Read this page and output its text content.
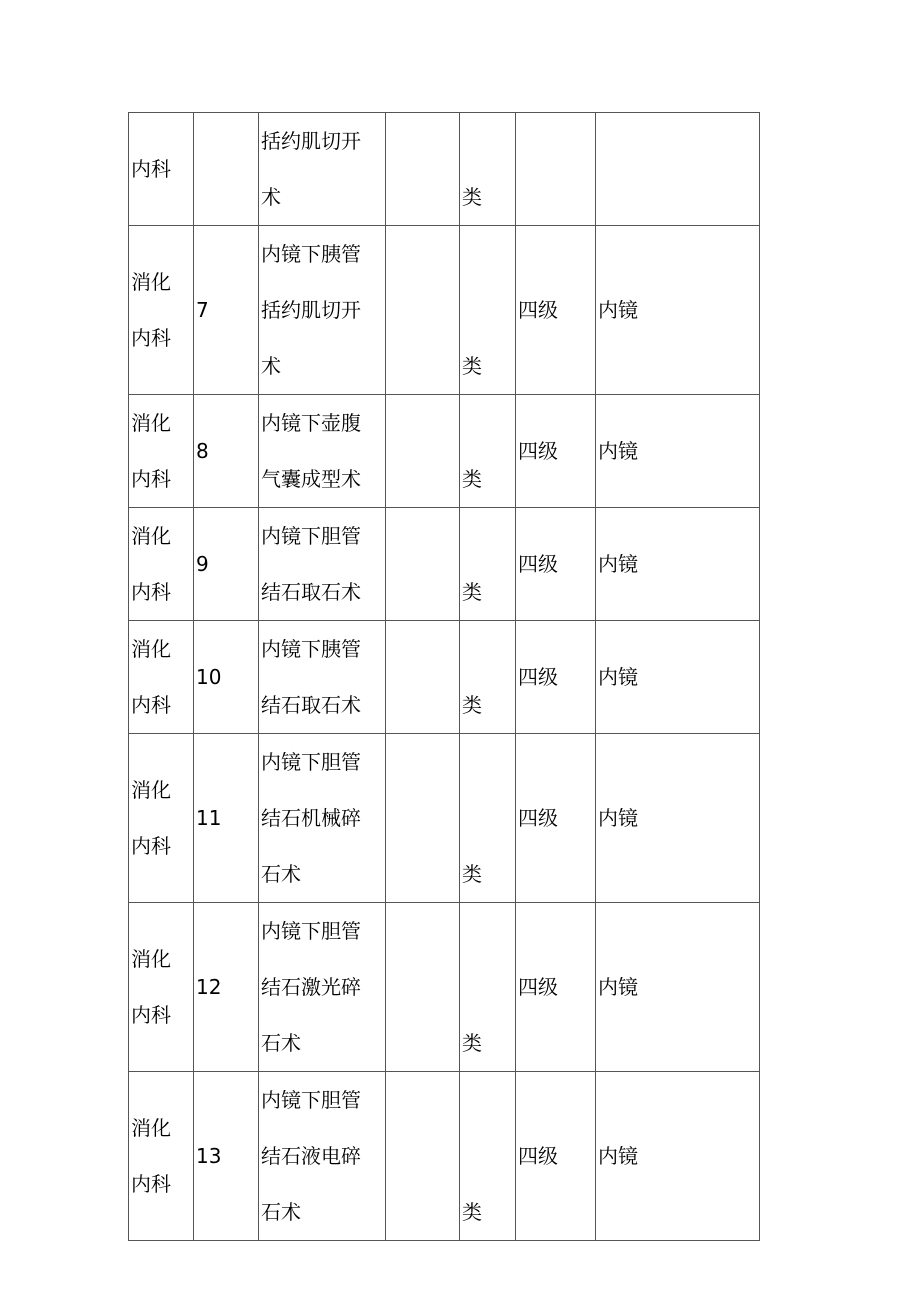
内科		括约肌切开
术		类		

消化
内科	7	内镜下胰管
括约肌切开
术		类	四级	内镜

消化
内科	8	内镜下壶腹
气囊成型术		类	四级	内镜

消化
内科	9	内镜下胆管
结石取石术		类	四级	内镜

消化
内科	10	内镜下胰管
结石取石术		类	四级	内镜

消化
内科	11	内镜下胆管
结石机械碎
石术		类	四级	内镜

消化
内科	12	内镜下胆管
结石激光碎
石术		类	四级	内镜

消化
内科	13	内镜下胆管
结石液电碎
石术		类	四级	内镜
